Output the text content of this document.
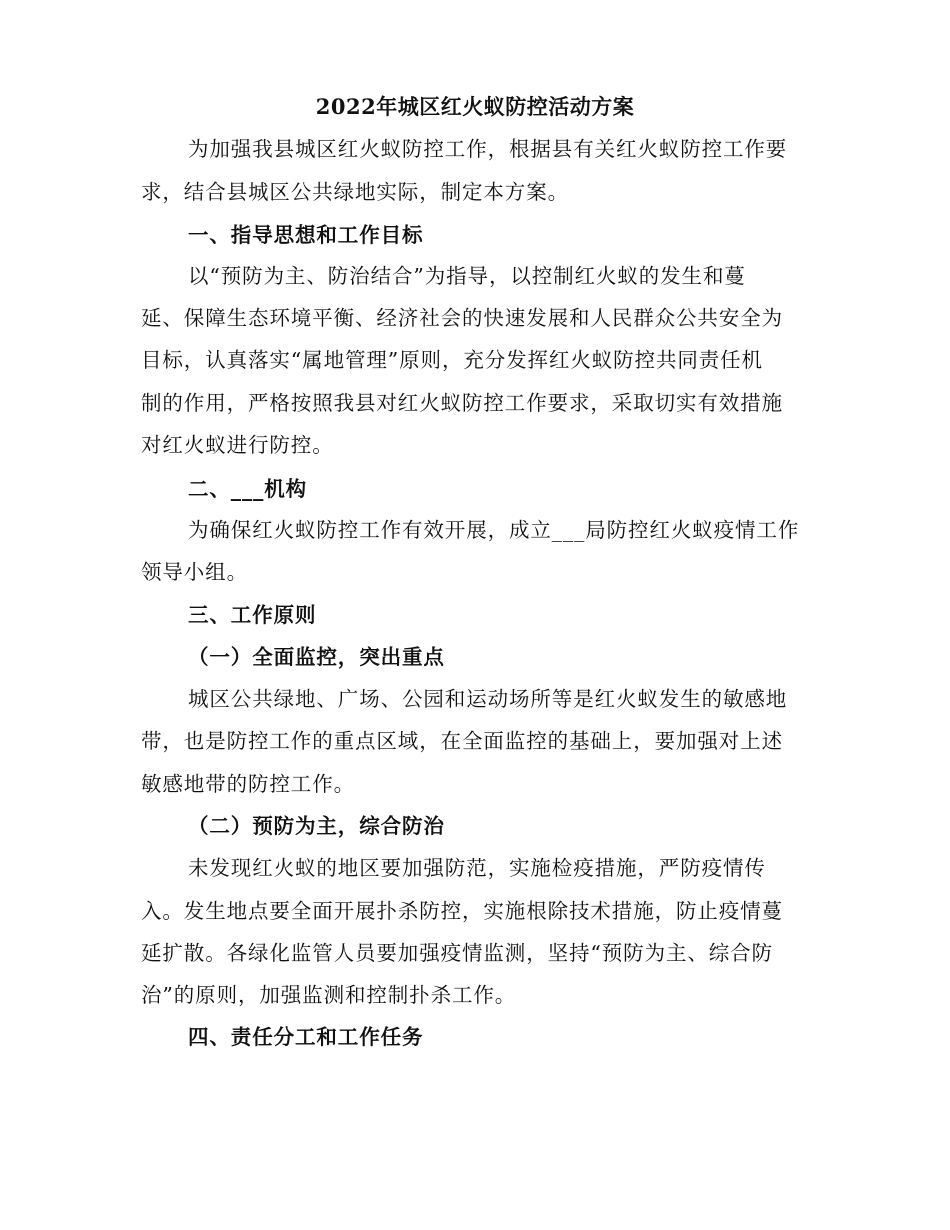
2022年城区红火蚁防控活动方案
为加强我县城区红火蚁防控工作，根据县有关红火蚁防控工作要
求，结合县城区公共绿地实际，制定本方案。
一、指导思想和工作目标
以“预防为主、防治结合”为指导，以控制红火蚁的发生和蔓
延、保障生态环境平衡、经济社会的快速发展和人民群众公共安全为
目标，认真落实“属地管理”原则，充分发挥红火蚁防控共同责任机
制的作用，严格按照我县对红火蚁防控工作要求，采取切实有效措施
对红火蚁进行防控。
二、___机构
为确保红火蚁防控工作有效开展，成立___局防控红火蚁疫情工作
领导小组。
三、工作原则
（一）全面监控，突出重点
城区公共绿地、广场、公园和运动场所等是红火蚁发生的敏感地
带，也是防控工作的重点区域，在全面监控的基础上，要加强对上述
敏感地带的防控工作。
（二）预防为主，综合防治
未发现红火蚁的地区要加强防范，实施检疫措施，严防疫情传
入。发生地点要全面开展扑杀防控，实施根除技术措施，防止疫情蔓
延扩散。各绿化监管人员要加强疫情监测，坚持“预防为主、综合防
治”的原则，加强监测和控制扑杀工作。
四、责任分工和工作任务
